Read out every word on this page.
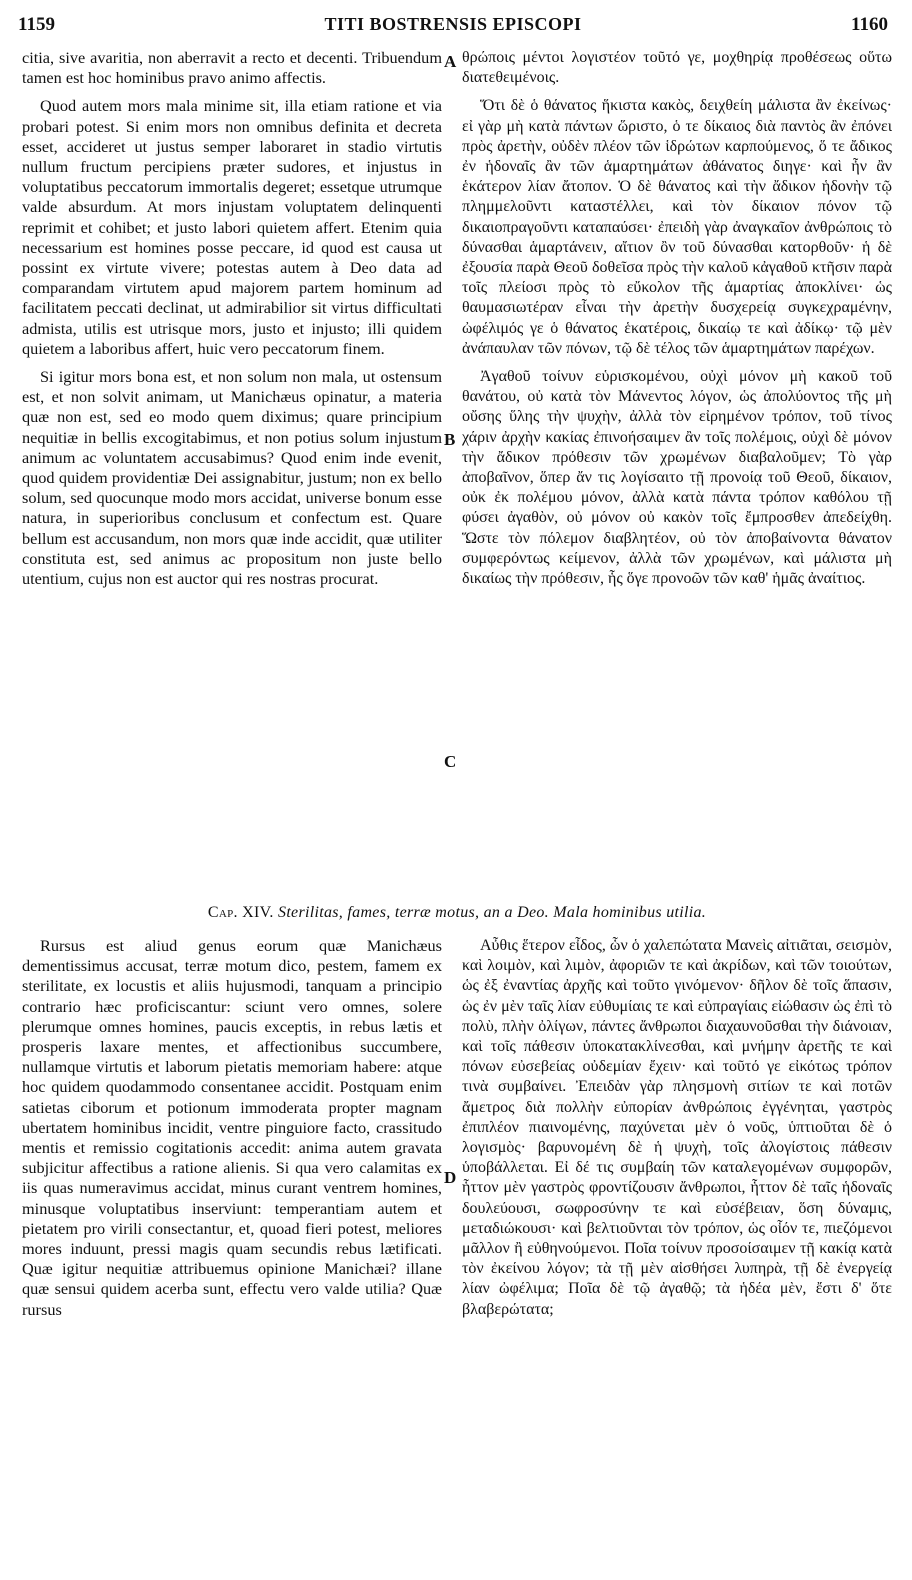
1159	TITI BOSTRENSIS EPISCOPI	1160

citia, sive avaritia, non aberravit a recto et decenti. Tribuendum tamen est hoc hominibus pravo animo affectis.

Quod autem mors mala minime sit, illa etiam ratione et via probari potest. Si enim mors non omnibus definita et decreta esset, accideret ut justus semper laboraret in stadio virtutis nullum fructum percipiens præter sudores, et injustus in voluptatibus peccatorum immortalis degeret; essetque utrumque valde absurdum. At mors injustam voluptatem delinquenti reprimit et cohibet; et justo labori quietem affert. Etenim quia necessarium est homines posse peccare, id quod est causa ut possint ex virtute vivere; potestas autem à Deo data ad comparandam virtutem apud majorem partem hominum ad facilitatem peccati declinat, ut admirabilior sit virtus difficultati admista, utilis est utrisque mors, justo et injusto; illi quidem quietem a laboribus affert, huic vero peccatorum finem.

Si igitur mors bona est, et non solum non mala, ut ostensum est, et non solvit animam, ut Manichæus opinatur, a materia quæ non est, sed eo modo quem diximus; quare principium nequitiæ in bellis excogitabimus, et non potius solum injustum animum ac voluntatem accusabimus? Quod enim inde evenit, quod quidem providentiæ Dei assignabitur, justum; non ex bello solum, sed quocunque modo mors accidat, universe bonum esse natura, in superioribus conclusum et confectum est. Quare bellum est accusandum, non mors quæ inde accidit, quæ utiliter constituta est, sed animus ac propositum non juste bello utentium, cujus non est auctor qui res nostras procurat.

θρώποις μέντοι λογιστέον τοῦτό γε, μοχθηρίᾳ προθέσεως οὕτω διατεθειμένοις.

Ὅτι δὲ ὁ θάνατος ἥκιστα κακὸς, δειχθείη μάλιστα ἂν ἐκείνως· εἰ γὰρ μὴ κατὰ πάντων ὥριστο, ὁ τε δίκαιος διὰ παντὸς ἂν ἐπόνει πρὸς ἀρετὴν, οὐδὲν πλέον τῶν ἱδρώτων καρπούμενος, ὅ τε ἄδικος ἐν ἡδοναῖς ἂν τῶν ἁμαρτημάτων ἀθάνατος διηγε· καὶ ἦν ἂν ἑκάτερον λίαν ἄτοπον. Ὁ δὲ θάνατος καὶ τὴν ἄδικον ἡδονὴν τῷ πλημμελοῦντι καταστέλλει, καὶ τὸν δίκαιον πόνον τῷ δικαιοπραγοῦντι καταπαύσει· ἐπειδὴ γὰρ ἀναγκαῖον ἀνθρώποις τὸ δύνασθαι ἁμαρτάνειν, αἴτιον ὂν τοῦ δύνασθαι κατορθοῦν· ἡ δὲ ἐξουσία παρὰ Θεοῦ δοθεῖσα πρὸς τὴν καλοῦ κἀγαθοῦ κτῆσιν παρὰ τοῖς πλείοσι πρὸς τὸ εὔκολον τῆς ἁμαρτίας ἀποκλίνει· ὡς θαυμασιωτέραν εἶναι τὴν ἀρετὴν δυσχερείᾳ συγκεχραμένην, ὠφέλιμός γε ὁ θάνατος ἑκατέροις, δικαίῳ τε καὶ ἀδίκῳ· τῷ μὲν ἀνάπαυλαν τῶν πόνων, τῷ δὲ τέλος τῶν ἁμαρτημάτων παρέχων.

Ἀγαθοῦ τοίνυν εὑρισκομένου, οὐχὶ μόνον μὴ κακοῦ τοῦ θανάτου, οὐ κατὰ τὸν Μάνεντος λόγον, ὡς ἀπολύοντος τῆς μὴ οὔσης ὕλης τὴν ψυχὴν, ἀλλὰ τὸν εἰρημένον τρόπον, τοῦ τίνος χάριν ἀρχὴν κακίας ἐπινοήσαιμεν ἂν τοῖς πολέμοις, οὐχὶ δὲ μόνον τὴν ἄδικον πρόθεσιν τῶν χρωμένων διαβαλοῦμεν; Τὸ γὰρ ἀποβαῖνον, ὅπερ ἄν τις λογίσαιτο τῇ προνοίᾳ τοῦ Θεοῦ, δίκαιον, οὐκ ἐκ πολέμου μόνον, ἀλλὰ κατὰ πάντα τρόπον καθόλου τῇ φύσει ἀγαθὸν, οὐ μόνον οὐ κακὸν τοῖς ἔμπροσθεν ἀπεδείχθη. Ὥστε τὸν πόλεμον διαβλητέον, οὐ τὸν ἀποβαίνοντα θάνατον συμφερόντως κείμενον, ἀλλὰ τῶν χρωμένων, καὶ μάλιστα μὴ δικαίως τὴν πρόθεσιν, ἧς ὅγε προνοῶν τῶν καθ' ἡμᾶς ἀναίτιος.

A
B
C
D
Cap. XIV. Sterilitas, fames, terræ motus, an a Deo. Mala hominibus utilia.

Rursus est aliud genus eorum quæ Manichæus dementissimus accusat, terræ motum dico, pestem, famem ex sterilitate, ex locustis et aliis hujusmodi, tanquam a principio contrario hæc proficiscantur: sciunt vero omnes, solere plerumque omnes homines, paucis exceptis, in rebus lætis et prosperis laxare mentes, et affectionibus succumbere, nullamque virtutis et laborum pietatis memoriam habere: atque hoc quidem quodammodo consentanee accidit. Postquam enim satietas ciborum et potionum immoderata propter magnam ubertatem hominibus incidit, ventre pinguiore facto, crassitudo mentis et remissio cogitationis accedit: anima autem gravata subjicitur affectibus a ratione alienis. Si qua vero calamitas ex iis quas numeravimus accidat, minus curant ventrem homines, minusque voluptatibus inserviunt: temperantiam autem et pietatem pro virili consectantur, et, quoad fieri potest, meliores mores induunt, pressi magis quam secundis rebus lætificati. Quæ igitur nequitiæ attribuemus opinione Manichæi? illane quæ sensui quidem acerba sunt, effectu vero valde utilia? Quæ rursus

Αὖθις ἕτερον εἶδος, ὧν ὁ χαλεπώτατα Μανεὶς αἰτιᾶται, σεισμὸν, καὶ λοιμὸν, καὶ λιμὸν, ἀφοριῶν τε καὶ ἀκρίδων, καὶ τῶν τοιούτων, ὡς ἐξ ἐναντίας ἀρχῆς καὶ τοῦτο γινόμενον· δῆλον δὲ τοῖς ἅπασιν, ὡς ἐν μὲν ταῖς λίαν εὐθυμίαις τε καὶ εὐπραγίαις εἰώθασιν ὡς ἐπὶ τὸ πολὺ, πλὴν ὀλίγων, πάντες ἄνθρωποι διαχαυνοῦσθαι τὴν διάνοιαν, καὶ τοῖς πάθεσιν ὑποκατακλίνεσθαι, καὶ μνήμην ἀρετῆς τε καὶ πόνων εὐσεβείας οὐδεμίαν ἔχειν· καὶ τοῦτό γε εἰκότως τρόπον τινὰ συμβαίνει. Ἐπειδὰν γὰρ πλησμονὴ σιτίων τε καὶ ποτῶν ἄμετρος διὰ πολλὴν εὐπορίαν ἀνθρώποις ἐγγένηται, γαστρὸς ἐπιπλέον πιαινομένης, παχύνεται μὲν ὁ νοῦς, ὑπτιοῦται δὲ ὁ λογισμὸς· βαρυνομένη δὲ ἡ ψυχὴ, τοῖς ἀλογίστοις πάθεσιν ὑποβάλλεται. Εἰ δέ τις συμβαίη τῶν καταλεγομένων συμφορῶν, ἧττον μὲν γαστρὸς φροντίζουσιν ἄνθρωποι, ἧττον δὲ ταῖς ἡδοναῖς δουλεύουσι, σωφροσύνην τε καὶ εὐσέβειαν, ὅση δύναμις, μεταδιώκουσι· καὶ βελτιοῦνται τὸν τρόπον, ὡς οἷόν τε, πιεζόμενοι μᾶλλον ἢ εὐθηνούμενοι. Ποῖα τοίνυν προσοίσαιμεν τῇ κακίᾳ κατὰ τὸν ἐκείνου λόγον; τὰ τῇ μὲν αἰσθήσει λυπηρὰ, τῇ δὲ ἐνεργείᾳ λίαν ὠφέλιμα; Ποῖα δὲ τῷ ἀγαθῷ; τὰ ἡδέα μὲν, ἔστι δ' ὅτε βλαβερώτατα;
